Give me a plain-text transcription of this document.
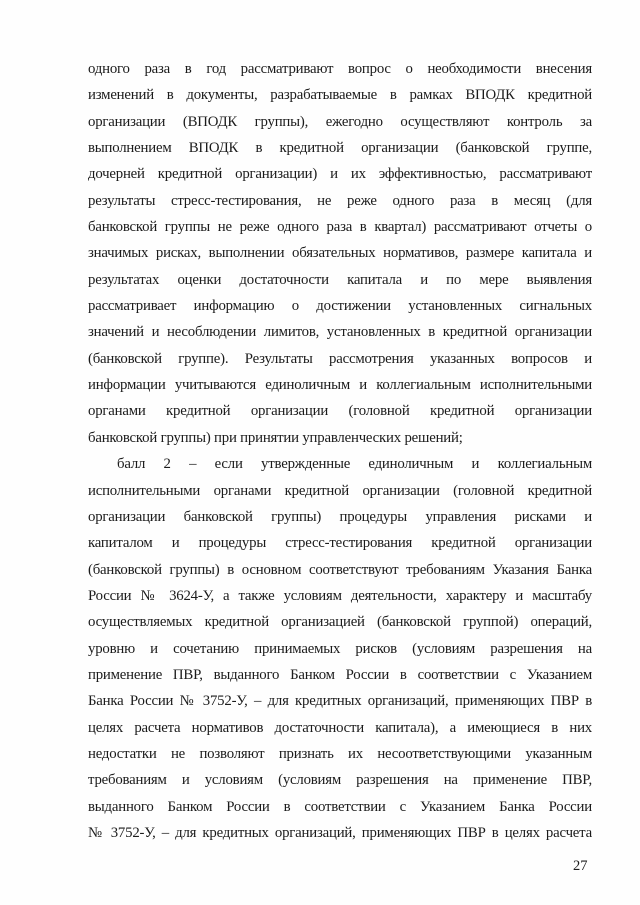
одного раза в год рассматривают вопрос о необходимости внесения
изменений в документы, разрабатываемые в рамках ВПОДК кредитной
организации (ВПОДК группы), ежегодно осуществляют контроль за
выполнением ВПОДК в кредитной организации (банковской группе,
дочерней кредитной организации) и их эффективностью, рассматривают
результаты стресс-тестирования, не реже одного раза в месяц (для
банковской группы не реже одного раза в квартал) рассматривают отчеты о
значимых рисках, выполнении обязательных нормативов, размере капитала и
результатах оценки достаточности капитала и по мере выявления
рассматривает информацию о достижении установленных сигнальных
значений и несоблюдении лимитов, установленных в кредитной организации
(банковской группе). Результаты рассмотрения указанных вопросов и
информации учитываются единоличным и коллегиальным исполнительными
органами кредитной организации (головной кредитной организации
банковской группы) при принятии управленческих решений;
балл 2 – если утвержденные единоличным и коллегиальным
исполнительными органами кредитной организации (головной кредитной
организации банковской группы) процедуры управления рисками и
капиталом и процедуры стресс-тестирования кредитной организации
(банковской группы) в основном соответствуют требованиям Указания Банка
России № 3624-У, а также условиям деятельности, характеру и масштабу
осуществляемых кредитной организацией (банковской группой) операций,
уровню и сочетанию принимаемых рисков (условиям разрешения на
применение ПВР, выданного Банком России в соответствии с Указанием
Банка России № 3752-У, – для кредитных организаций, применяющих ПВР в
целях расчета нормативов достаточности капитала), а имеющиеся в них
недостатки не позволяют признать их несоответствующими указанным
требованиям и условиям (условиям разрешения на применение ПВР,
выданного Банком России в соответствии с Указанием Банка России
№ 3752-У, – для кредитных организаций, применяющих ПВР в целях расчета
27
